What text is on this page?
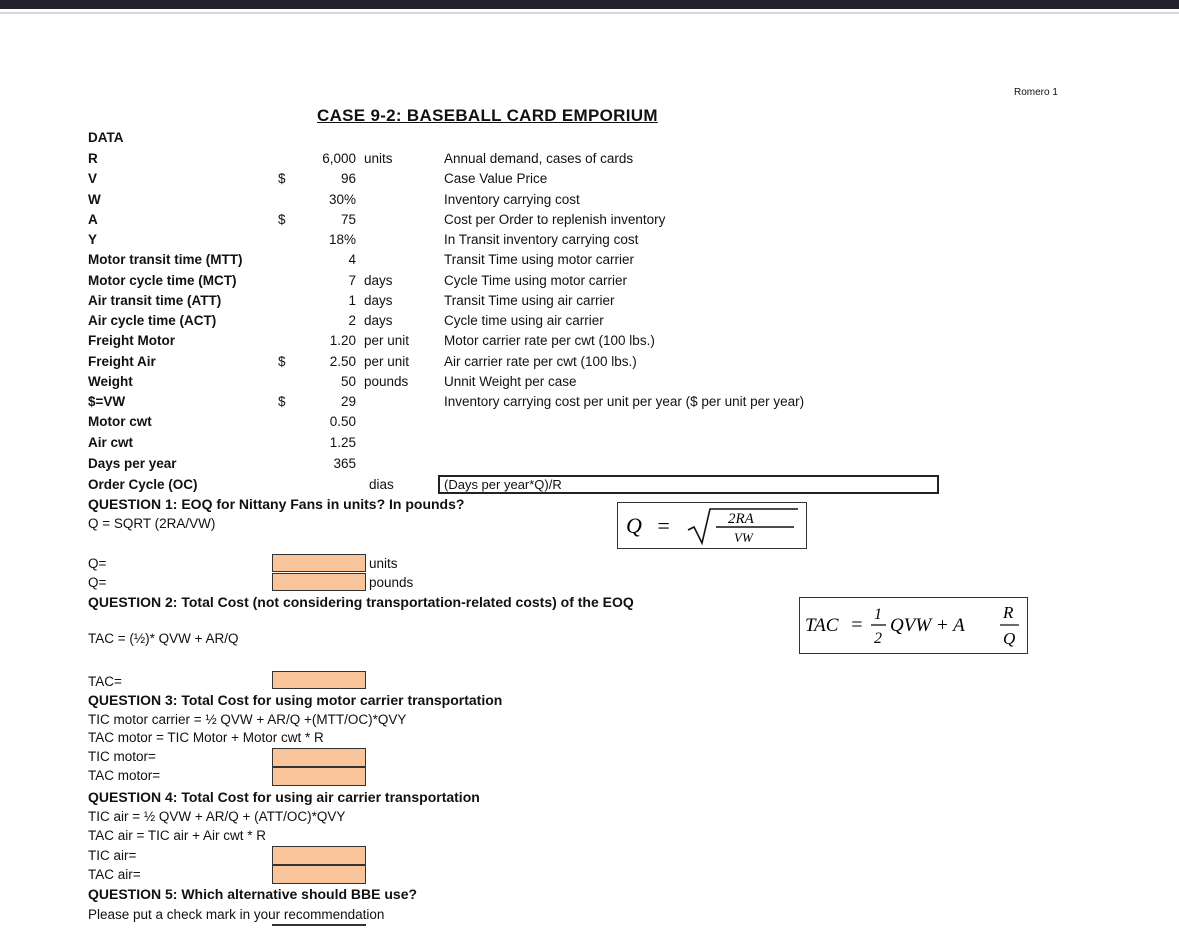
Romero 1
CASE 9-2: BASEBALL CARD EMPORIUM
DATA
R	6,000 units	Annual demand, cases of cards
V	$	96	Case Value Price
W	30%	Inventory carrying cost
A	$	75	Cost per Order to replenish inventory
Y	18%	In Transit inventory carrying cost
Motor transit time (MTT)	4	Transit Time using motor carrier
Motor cycle time (MCT)	7 days	Cycle Time using motor carrier
Air transit time (ATT)	1 days	Transit Time using air carrier
Air cycle time (ACT)	2 days	Cycle time using air carrier
Freight Motor	1.20 per unit	Motor carrier rate per cwt (100 lbs.)
Freight Air	$	2.50 per unit	Air carrier rate per cwt (100 lbs.)
Weight	50 pounds	Unnit Weight per case
$=VW	$	29	Inventory carrying cost per unit per year ($ per unit per year)
Motor cwt	0.50
Air cwt	1.25
Days per year	365
Order Cycle (OC)	dias	(Days per year*Q)/R
QUESTION 1: EOQ for Nittany Fans in units? In pounds?
Q = SQRT (2RA/VW)	Q =	2RA
VW
Q=	units
Q=	pounds
QUESTION 2: Total Cost (not considering transportation-related costs) of the EOQ
TAC = 1
2
QVW + A
R
Q
TAC = (½)* QVW + AR/Q
TAC=
QUESTION 3: Total Cost for using motor carrier transportation
TIC motor carrier = ½ QVW + AR/Q +(MTT/OC)*QVY
TAC motor = TIC Motor + Motor cwt * R
TIC motor=
TAC motor=
QUESTION 4: Total Cost for using air carrier transportation
TIC air = ½ QVW + AR/Q + (ATT/OC)*QVY
TAC air = TIC air + Air cwt * R
TIC air=
TAC air=
QUESTION 5: Which alternative should BBE use?
Please put a check mark in your recommendation
